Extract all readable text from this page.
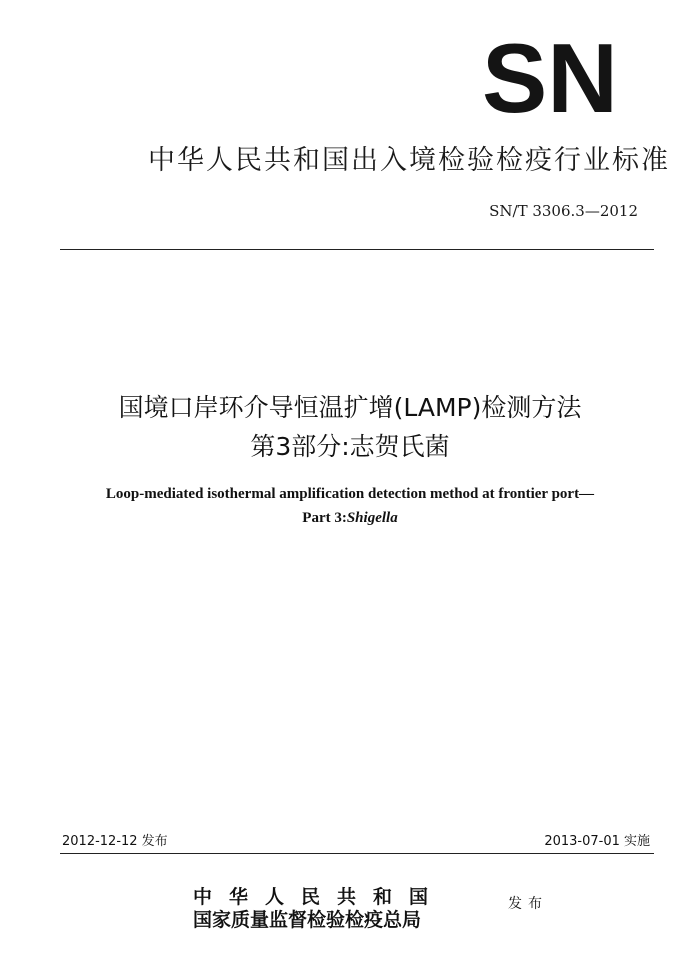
SN
中华人民共和国出入境检验检疫行业标准
SN/T 3306.3—2012
国境口岸环介导恒温扩增(LAMP)检测方法
第3部分:志贺氏菌
Loop-mediated isothermal amplification detection method at frontier port—
Part 3:Shigella
2012-12-12 发布	2013-07-01 实施
中华人民共和国
国家质量监督检验检疫总局
发布
